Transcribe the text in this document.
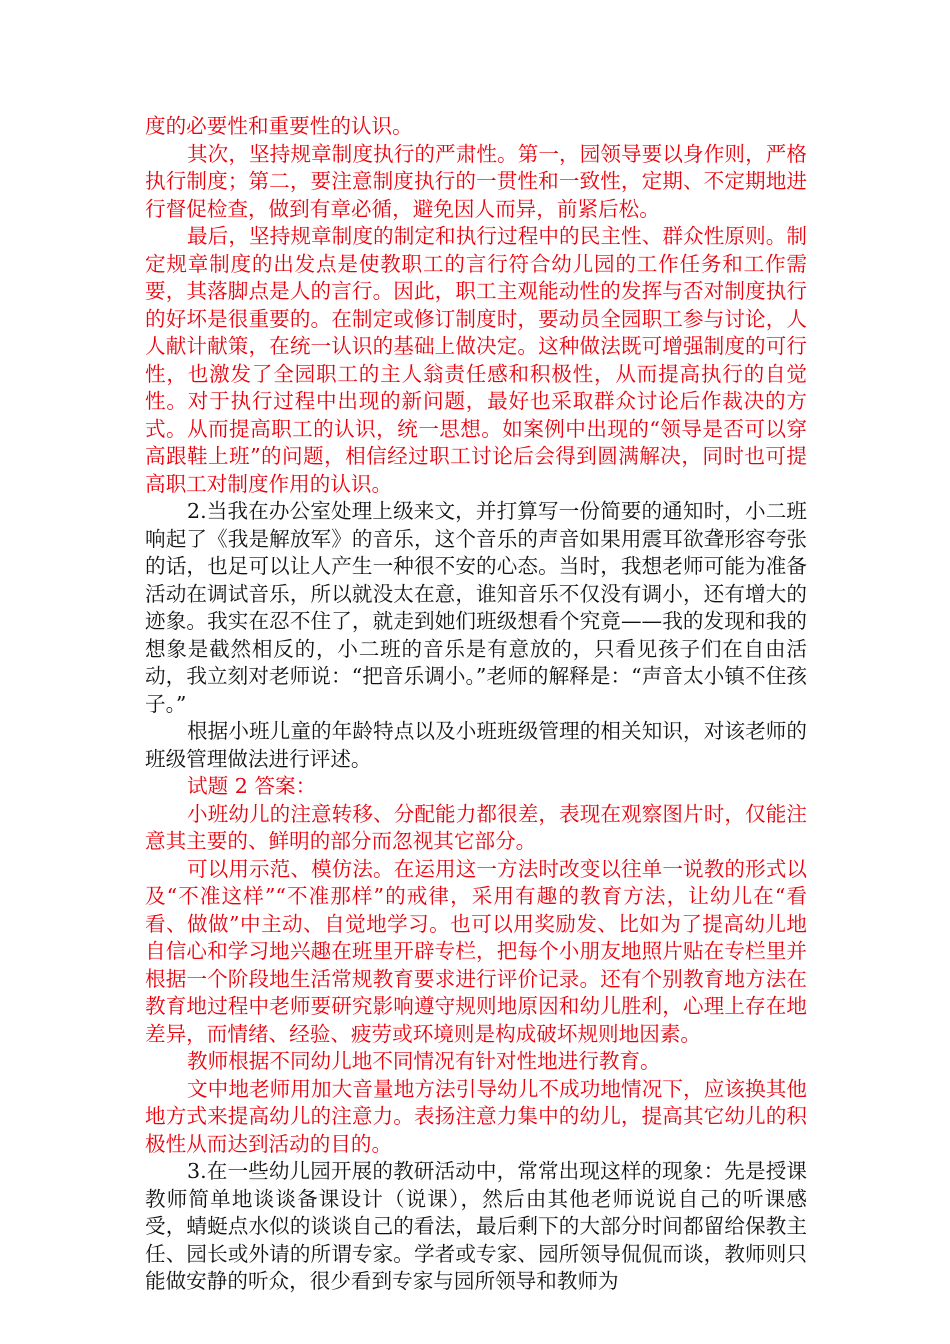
度的必要性和重要性的认识。

其次，坚持规章制度执行的严肃性。第一，园领导要以身作则，严格执行制度；第二，要注意制度执行的一贯性和一致性，定期、不定期地进行督促检查，做到有章必循，避免因人而异，前紧后松。

最后，坚持规章制度的制定和执行过程中的民主性、群众性原则。制定规章制度的出发点是使教职工的言行符合幼儿园的工作任务和工作需要，其落脚点是人的言行。因此，职工主观能动性的发挥与否对制度执行的好坏是很重要的。在制定或修订制度时，要动员全园职工参与讨论，人人献计献策，在统一认识的基础上做决定。这种做法既可增强制度的可行性，也激发了全园职工的主人翁责任感和积极性，从而提高执行的自觉性。对于执行过程中出现的新问题，最好也采取群众讨论后作裁决的方式。从而提高职工的认识，统一思想。如案例中出现的“领导是否可以穿高跟鞋上班”的问题，相信经过职工讨论后会得到圆满解决，同时也可提高职工对制度作用的认识。

2.当我在办公室处理上级来文，并打算写一份简要的通知时，小二班响起了《我是解放军》的音乐，这个音乐的声音如果用震耳欲聋形容夸张的话，也足可以让人产生一种很不安的心态。当时，我想老师可能为准备活动在调试音乐，所以就没太在意，谁知音乐不仅没有调小，还有增大的迹象。我实在忍不住了，就走到她们班级想看个究竟——我的发现和我的想象是截然相反的，小二班的音乐是有意放的，只看见孩子们在自由活动，我立刻对老师说：“把音乐调小。”老师的解释是：“声音太小镇不住孩子。”

根据小班儿童的年龄特点以及小班班级管理的相关知识，对该老师的班级管理做法进行评述。

试题 2 答案：

小班幼儿的注意转移、分配能力都很差，表现在观察图片时，仅能注意其主要的、鲜明的部分而忽视其它部分。

可以用示范、模仿法。在运用这一方法时改变以往单一说教的形式以及“不准这样”“不准那样”的戒律，采用有趣的教育方法，让幼儿在“看看、做做”中主动、自觉地学习。也可以用奖励发、比如为了提高幼儿地自信心和学习地兴趣在班里开辟专栏，把每个小朋友地照片贴在专栏里并根据一个阶段地生活常规教育要求进行评价记录。还有个别教育地方法在教育地过程中老师要研究影响遵守规则地原因和幼儿胜利，心理上存在地差异，而情绪、经验、疲劳或环境则是构成破坏规则地因素。

教师根据不同幼儿地不同情况有针对性地进行教育。

文中地老师用加大音量地方法引导幼儿不成功地情况下，应该换其他地方式来提高幼儿的注意力。表扬注意力集中的幼儿，提高其它幼儿的积极性从而达到活动的目的。

3.在一些幼儿园开展的教研活动中，常常出现这样的现象：先是授课教师简单地谈谈备课设计（说课），然后由其他老师说说自己的听课感受，蜻蜓点水似的谈谈自己的看法，最后剩下的大部分时间都留给保教主任、园长或外请的所谓专家。学者或专家、园所领导侃侃而谈，教师则只能做安静的听众，很少看到专家与园所领导和教师为
